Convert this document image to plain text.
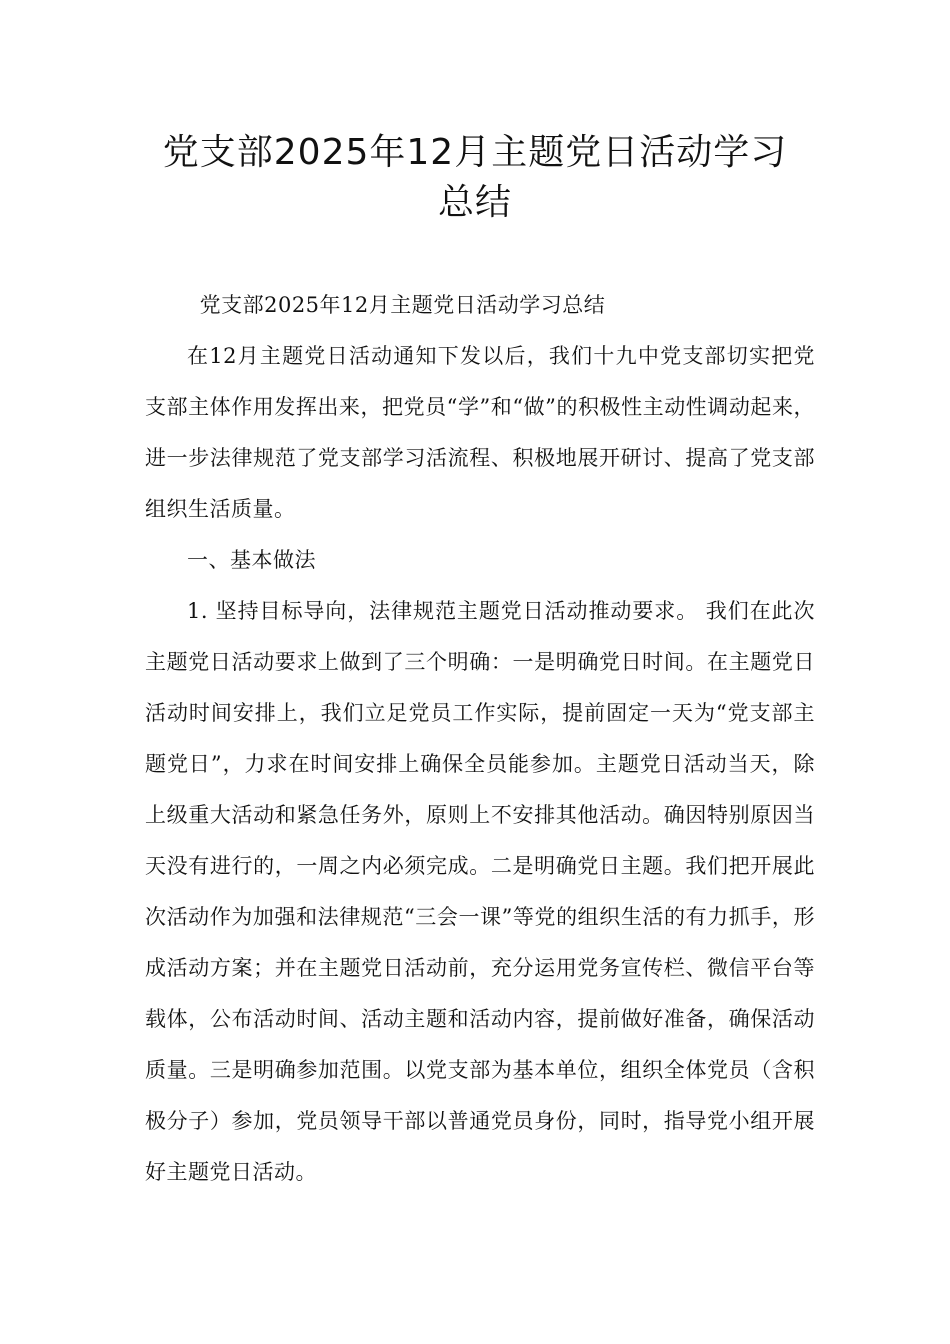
党支部2025年12月主题党日活动学习
总结

党支部2025年12月主题党日活动学习总结

在12月主题党日活动通知下发以后，我们十九中党支部切实把党支部主体作用发挥出来，把党员“学”和“做”的积极性主动性调动起来，进一步法律规范了党支部学习活流程、积极地展开研讨、提高了党支部组织生活质量。

一、基本做法

1. 坚持目标导向，法律规范主题党日活动推动要求。 我们在此次主题党日活动要求上做到了三个明确：一是明确党日时间。在主题党日活动时间安排上，我们立足党员工作实际，提前固定一天为“党支部主题党日”，力求在时间安排上确保全员能参加。主题党日活动当天，除上级重大活动和紧急任务外，原则上不安排其他活动。确因特别原因当天没有进行的，一周之内必须完成。二是明确党日主题。我们把开展此次活动作为加强和法律规范“三会一课”等党的组织生活的有力抓手，形成活动方案；并在主题党日活动前，充分运用党务宣传栏、微信平台等载体，公布活动时间、活动主题和活动内容，提前做好准备，确保活动质量。三是明确参加范围。以党支部为基本单位，组织全体党员（含积极分子）参加，党员领导干部以普通党员身份，同时，指导党小组开展好主题党日活动。
